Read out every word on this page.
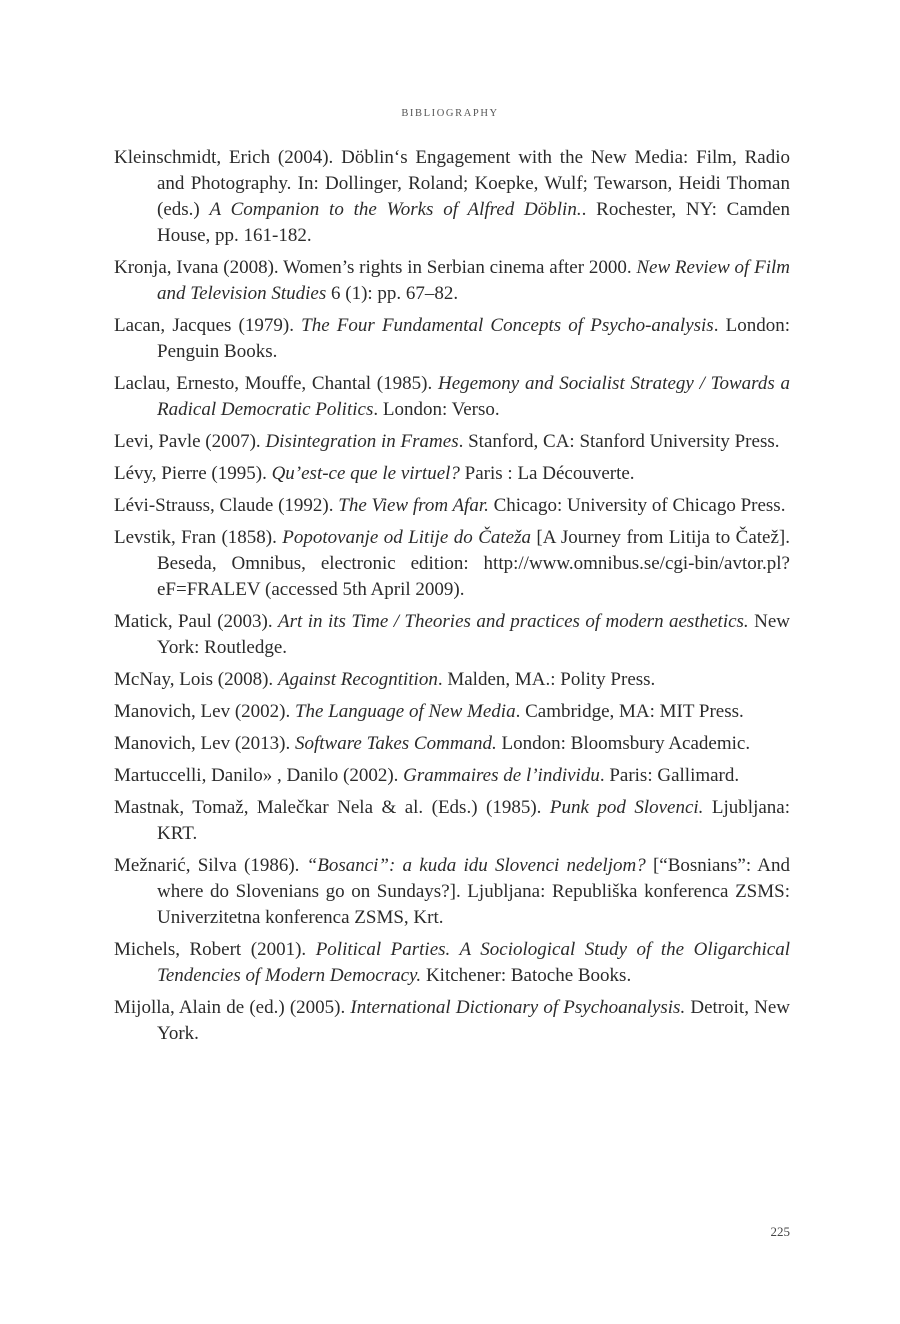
BIBLIOGRAPHY

Kleinschmidt, Erich (2004). Döblin‘s Engagement with the New Media: Film, Radio and Photography. In: Dollinger, Roland; Koepke, Wulf; Tewarson, Heidi Thoman (eds.) A Companion to the Works of Alfred Döblin.. Rochester, NY: Camden House, pp. 161-182.

Kronja, Ivana (2008). Women’s rights in Serbian cinema after 2000. New Review of Film and Television Studies 6 (1): pp. 67–82.

Lacan, Jacques (1979). The Four Fundamental Concepts of Psycho-analysis. London: Penguin Books.

Laclau, Ernesto, Mouffe, Chantal (1985). Hegemony and Socialist Strategy / Towards a Radical Democratic Politics. London: Verso.

Levi, Pavle (2007). Disintegration in Frames. Stanford, CA: Stanford University Press.

Lévy, Pierre (1995). Qu’est-ce que le virtuel? Paris : La Découverte.

Lévi-Strauss, Claude (1992). The View from Afar. Chicago: University of Chicago Press.

Levstik, Fran (1858). Popotovanje od Litije do Čateža [A Journey from Litija to Čatež]. Beseda, Omnibus, electronic edition: http://www.omnibus.se/cgi-bin/avtor.pl?eF=FRALEV (accessed 5th April 2009).

Matick, Paul (2003). Art in its Time / Theories and practices of modern aesthetics. New York: Routledge.

McNay, Lois (2008). Against Recogntition. Malden, MA.: Polity Press.

Manovich, Lev (2002). The Language of New Media. Cambridge, MA: MIT Press.

Manovich, Lev (2013). Software Takes Command. London: Bloomsbury Academic.

Martuccelli, Danilo» , Danilo (2002). Grammaires de l’individu. Paris: Gallimard.

Mastnak, Tomaž, Malečkar Nela & al. (Eds.) (1985). Punk pod Slovenci. Ljubljana: KRT.

Mežnarić, Silva (1986). “Bosanci”: a kuda idu Slovenci nedeljom? [“Bosnians”: And where do Slovenians go on Sundays?]. Ljubljana: Republiška konferenca ZSMS: Univerzitetna konferenca ZSMS, Krt.

Michels, Robert (2001). Political Parties. A Sociological Study of the Oligarchical Tendencies of Modern Democracy. Kitchener: Batoche Books.

Mijolla, Alain de (ed.) (2005). International Dictionary of Psychoanalysis. Detroit, New York.

225
